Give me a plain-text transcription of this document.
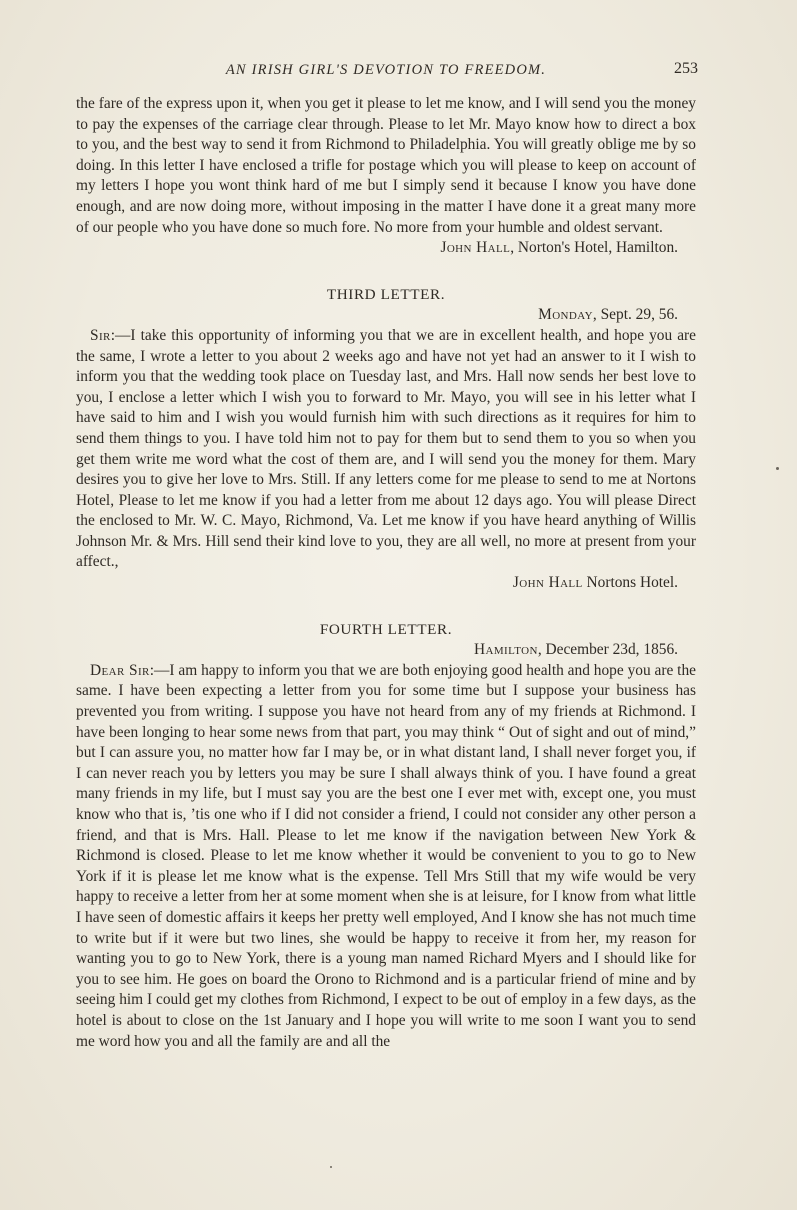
AN IRISH GIRL'S DEVOTION TO FREEDOM.	253

the fare of the express upon it, when you get it please to let me know, and I will send you the money to pay the expenses of the carriage clear through. Please to let Mr. Mayo know how to direct a box to you, and the best way to send it from Richmond to Philadelphia. You will greatly oblige me by so doing. In this letter I have enclosed a trifle for postage which you will please to keep on account of my letters I hope you wont think hard of me but I simply send it because I know you have done enough, and are now doing more, without imposing in the matter I have done it a great many more of our people who you have done so much fore. No more from your humble and oldest servant.

John Hall, Norton's Hotel, Hamilton.

THIRD LETTER.

Monday, Sept. 29, 56.

Sir:—I take this opportunity of informing you that we are in excellent health, and hope you are the same, I wrote a letter to you about 2 weeks ago and have not yet had an answer to it I wish to inform you that the wedding took place on Tuesday last, and Mrs. Hall now sends her best love to you, I enclose a letter which I wish you to forward to Mr. Mayo, you will see in his letter what I have said to him and I wish you would furnish him with such directions as it requires for him to send them things to you. I have told him not to pay for them but to send them to you so when you get them write me word what the cost of them are, and I will send you the money for them. Mary desires you to give her love to Mrs. Still. If any letters come for me please to send to me at Nortons Hotel, Please to let me know if you had a letter from me about 12 days ago. You will please Direct the enclosed to Mr. W. C. Mayo, Richmond, Va. Let me know if you have heard anything of Willis Johnson Mr. & Mrs. Hill send their kind love to you, they are all well, no more at present from your affect.,

John Hall Nortons Hotel.

FOURTH LETTER.

Hamilton, December 23d, 1856.

Dear Sir:—I am happy to inform you that we are both enjoying good health and hope you are the same. I have been expecting a letter from you for some time but I suppose your business has prevented you from writing. I suppose you have not heard from any of my friends at Richmond. I have been longing to hear some news from that part, you may think “ Out of sight and out of mind,” but I can assure you, no matter how far I may be, or in what distant land, I shall never forget you, if I can never reach you by letters you may be sure I shall always think of you. I have found a great many friends in my life, but I must say you are the best one I ever met with, except one, you must know who that is, ’tis one who if I did not consider a friend, I could not consider any other person a friend, and that is Mrs. Hall. Please to let me know if the navigation between New York & Richmond is closed. Please to let me know whether it would be convenient to you to go to New York if it is please let me know what is the expense. Tell Mrs Still that my wife would be very happy to receive a letter from her at some moment when she is at leisure, for I know from what little I have seen of domestic affairs it keeps her pretty well employed, And I know she has not much time to write but if it were but two lines, she would be happy to receive it from her, my reason for wanting you to go to New York, there is a young man named Richard Myers and I should like for you to see him. He goes on board the Orono to Richmond and is a particular friend of mine and by seeing him I could get my clothes from Richmond, I expect to be out of employ in a few days, as the hotel is about to close on the 1st January and I hope you will write to me soon I want you to send me word how you and all the family are and all the
